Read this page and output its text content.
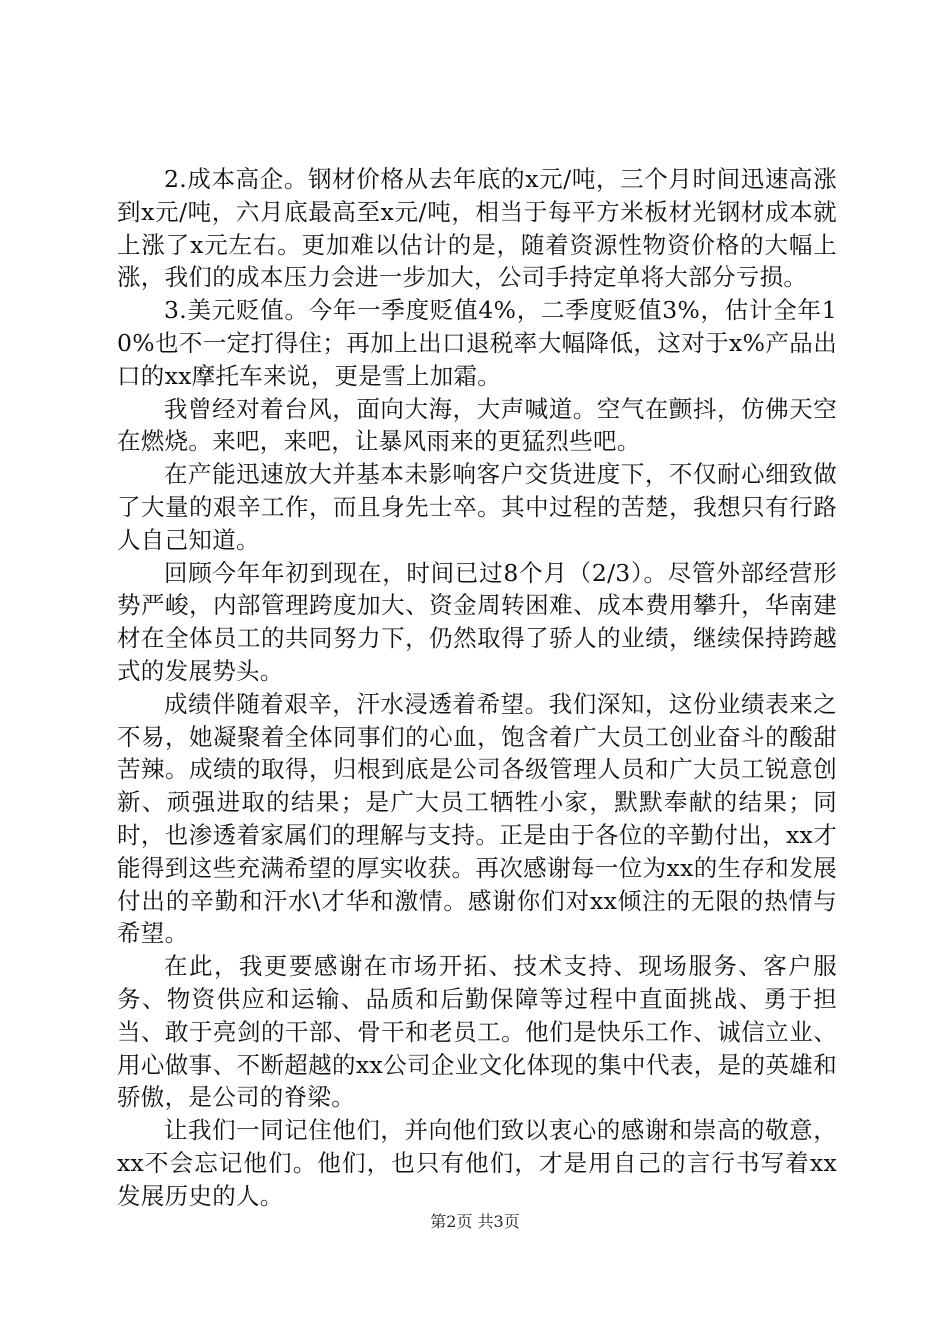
2.成本高企。钢材价格从去年底的x元/吨，三个月时间迅速高涨到x元/吨，六月底最高至x元/吨，相当于每平方米板材光钢材成本就上涨了x元左右。更加难以估计的是，随着资源性物资价格的大幅上涨，我们的成本压力会进一步加大，公司手持定单将大部分亏损。

3.美元贬值。今年一季度贬值4%，二季度贬值3%，估计全年10%也不一定打得住；再加上出口退税率大幅降低，这对于x%产品出口的xx摩托车来说，更是雪上加霜。

我曾经对着台风，面向大海，大声喊道。空气在颤抖，仿佛天空在燃烧。来吧，来吧，让暴风雨来的更猛烈些吧。

在产能迅速放大并基本未影响客户交货进度下，不仅耐心细致做了大量的艰辛工作，而且身先士卒。其中过程的苦楚，我想只有行路人自己知道。

回顾今年年初到现在，时间已过8个月（2/3）。尽管外部经营形势严峻，内部管理跨度加大、资金周转困难、成本费用攀升，华南建材在全体员工的共同努力下，仍然取得了骄人的业绩，继续保持跨越式的发展势头。

成绩伴随着艰辛，汗水浸透着希望。我们深知，这份业绩表来之不易，她凝聚着全体同事们的心血，饱含着广大员工创业奋斗的酸甜苦辣。成绩的取得，归根到底是公司各级管理人员和广大员工锐意创新、顽强进取的结果；是广大员工牺牲小家，默默奉献的结果；同时，也渗透着家属们的理解与支持。正是由于各位的辛勤付出，xx才能得到这些充满希望的厚实收获。再次感谢每一位为xx的生存和发展付出的辛勤和汗水\才华和激情。感谢你们对xx倾注的无限的热情与希望。

在此，我更要感谢在市场开拓、技术支持、现场服务、客户服务、物资供应和运输、品质和后勤保障等过程中直面挑战、勇于担当、敢于亮剑的干部、骨干和老员工。他们是快乐工作、诚信立业、用心做事、不断超越的xx公司企业文化体现的集中代表，是的英雄和骄傲，是公司的脊梁。

让我们一同记住他们，并向他们致以衷心的感谢和崇高的敬意，xx不会忘记他们。他们，也只有他们，才是用自己的言行书写着xx发展历史的人。

第2页 共3页
